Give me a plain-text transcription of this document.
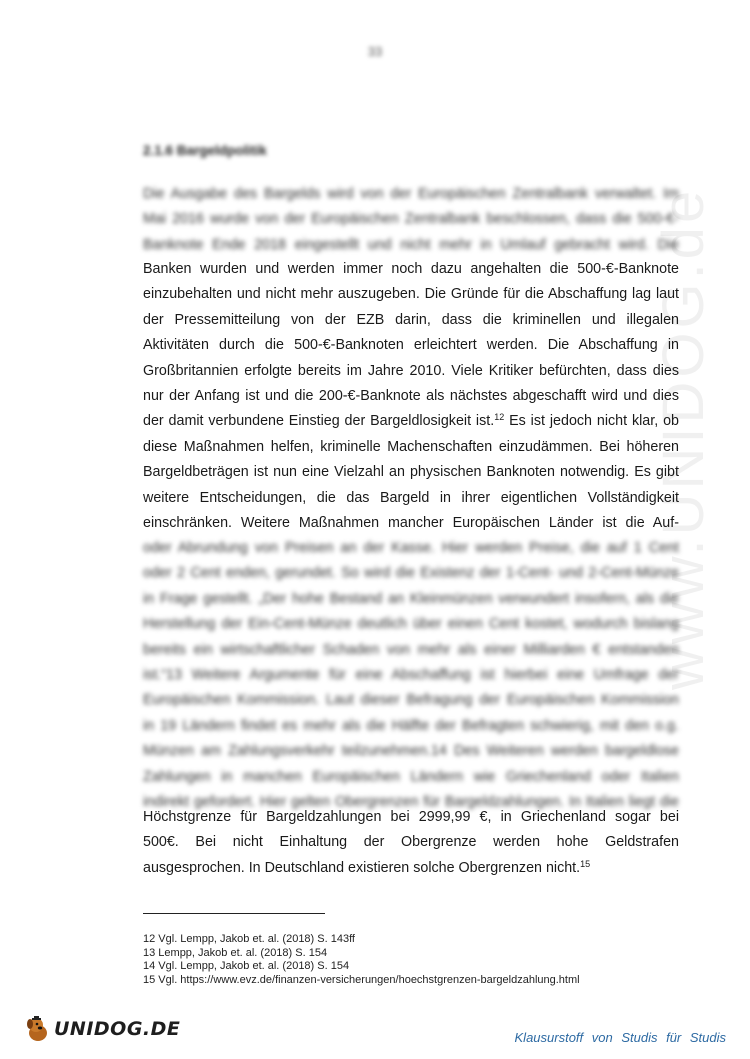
33
www.UNIDOG.de
2.1.6 Bargeldpolitik
Die Ausgabe des Bargelds wird von der Europäischen Zentralbank verwaltet. Im
Mai 2016 wurde von der Europäischen Zentralbank beschlossen, dass die 500-€-
Banknote Ende 2018 eingestellt und nicht mehr in Umlauf gebracht wird. Die
Banken wurden und werden immer noch dazu angehalten die 500-€-Banknote
einzubehalten und nicht mehr auszugeben. Die Gründe für die Abschaffung lag laut
der Pressemitteilung von der EZB darin, dass die kriminellen und illegalen
Aktivitäten durch die 500-€-Banknoten erleichtert werden. Die Abschaffung in
Großbritannien erfolgte bereits im Jahre 2010. Viele Kritiker befürchten, dass dies
nur der Anfang ist und die 200-€-Banknote als nächstes abgeschafft wird und dies
der damit verbundene Einstieg der Bargeldlosigkeit ist.$^{12}$ Es ist jedoch nicht klar, ob
diese Maßnahmen helfen, kriminelle Machenschaften einzudämmen. Bei höheren
Bargeldbeträgen ist nun eine Vielzahl an physischen Banknoten notwendig. Es gibt
weitere Entscheidungen, die das Bargeld in ihrer eigentlichen Vollständigkeit
einschränken. Weitere Maßnahmen mancher Europäischen Länder ist die Auf-
oder Abrundung von Preisen an der Kasse. Hier werden Preise, die auf 1 Cent
oder 2 Cent enden, gerundet. So wird die Existenz der 1-Cent- und 2-Cent-Münze
in Frage gestellt. „Der hohe Bestand an Kleinmünzen verwundert insofern, als die
Herstellung der Ein-Cent-Münze deutlich über einen Cent kostet, wodurch bislang
bereits ein wirtschaftlicher Schaden von mehr als einer Milliarden € entstanden
ist.“13 Weitere Argumente für eine Abschaffung ist hierbei eine Umfrage der
Europäischen Kommission. Laut dieser Befragung der Europäischen Kommission
in 19 Ländern findet es mehr als die Hälfte der Befragten schwierig, mit den o.g.
Münzen am Zahlungsverkehr teilzunehmen.14 Des Weiteren werden bargeldlose
Zahlungen in manchen Europäischen Ländern wie Griechenland oder Italien
indirekt gefordert. Hier gelten Obergrenzen für Bargeldzahlungen. In Italien liegt die
Höchstgrenze für Bargeldzahlungen bei 2999,99 €, in Griechenland sogar bei
500€. Bei nicht Einhaltung der Obergrenze werden hohe Geldstrafen
ausgesprochen. In Deutschland existieren solche Obergrenzen nicht.$^{15}$
12 Vgl. Lempp, Jakob et. al. (2018) S. 143ff
13 Lempp, Jakob et. al. (2018) S. 154
14 Vgl. Lempp, Jakob et. al. (2018) S. 154
15 Vgl. https://www.evz.de/finanzen-versicherungen/hoechstgrenzen-bargeldzahlung.html
UNIDOG.DE	Klausurstoff von Studis für Studis
